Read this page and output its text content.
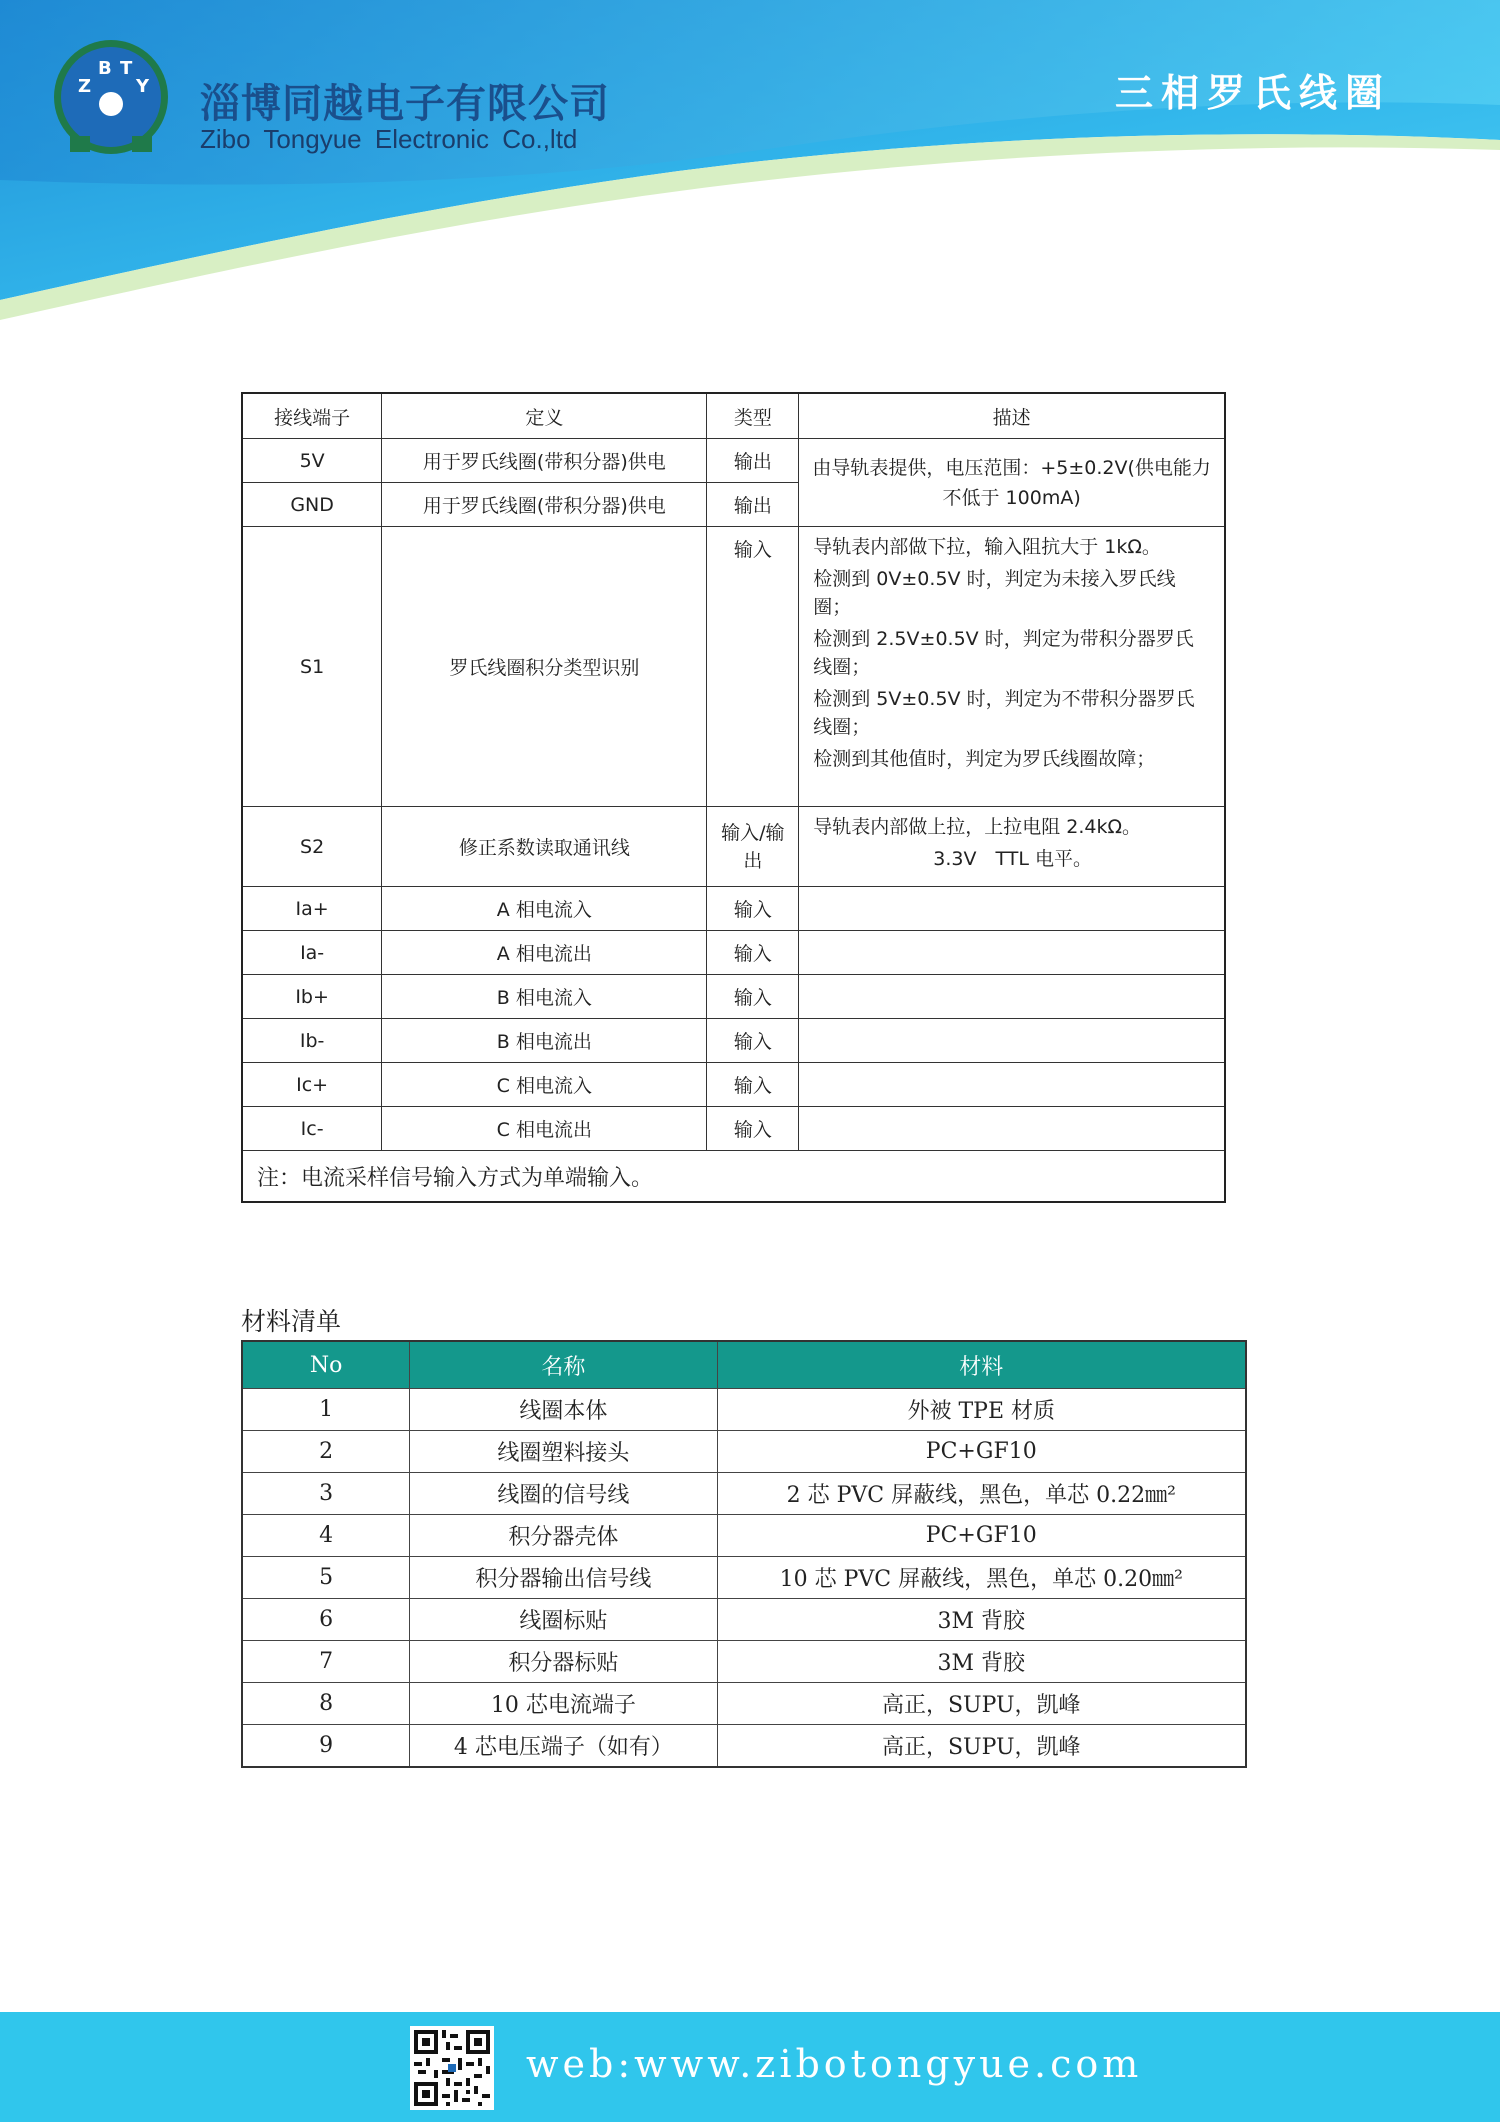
Z
B T
Y 淄博同越电子有限公司
Zibo Tongyue Electronic Co.,ltd
三相罗氏线圈
接线端子	定义	类型	描述
5V	用于罗氏线圈(带积分器)供电	输出	由导轨表提供，电压范围：+5±0.2V(供电能力不低于 100mA)
GND	用于罗氏线圈(带积分器)供电	输出	
S1	罗氏线圈积分类型识别	输入	导轨表内部做下拉，输入阻抗大于 1kΩ。

检测到 0V±0.5V 时，判定为未接入罗氏线圈；

检测到 2.5V±0.5V 时，判定为带积分器罗氏线圈；

检测到 5V±0.5V 时，判定为不带积分器罗氏线圈；

检测到其他值时，判定为罗氏线圈故障；

S2	修正系数读取通讯线	输入/输出	导轨表内部做上拉，上拉电阻 2.4kΩ。

3.3V　TTL 电平。

Ia+	A 相电流入	输入	
Ia-	A 相电流出	输入	
Ib+	B 相电流入	输入	
Ib-	B 相电流出	输入	
Ic+	C 相电流入	输入	
Ic-	C 相电流出	输入	
注：电流采样信号输入方式为单端输入。			
材料清单
No	名称	材料
1	线圈本体	外被 TPE 材质
2	线圈塑料接头	PC+GF10
3	线圈的信号线	2 芯 PVC 屏蔽线，黑色，单芯 0.22㎜²
4	积分器壳体	PC+GF10
5	积分器输出信号线	10 芯 PVC 屏蔽线，黑色，单芯 0.20㎜²
6	线圈标贴	3M 背胶
7	积分器标贴	3M 背胶
8	10 芯电流端子	高正，SUPU，凯峰
9	4 芯电压端子（如有）	高正，SUPU，凯峰
web:www.zibotongyue.com
